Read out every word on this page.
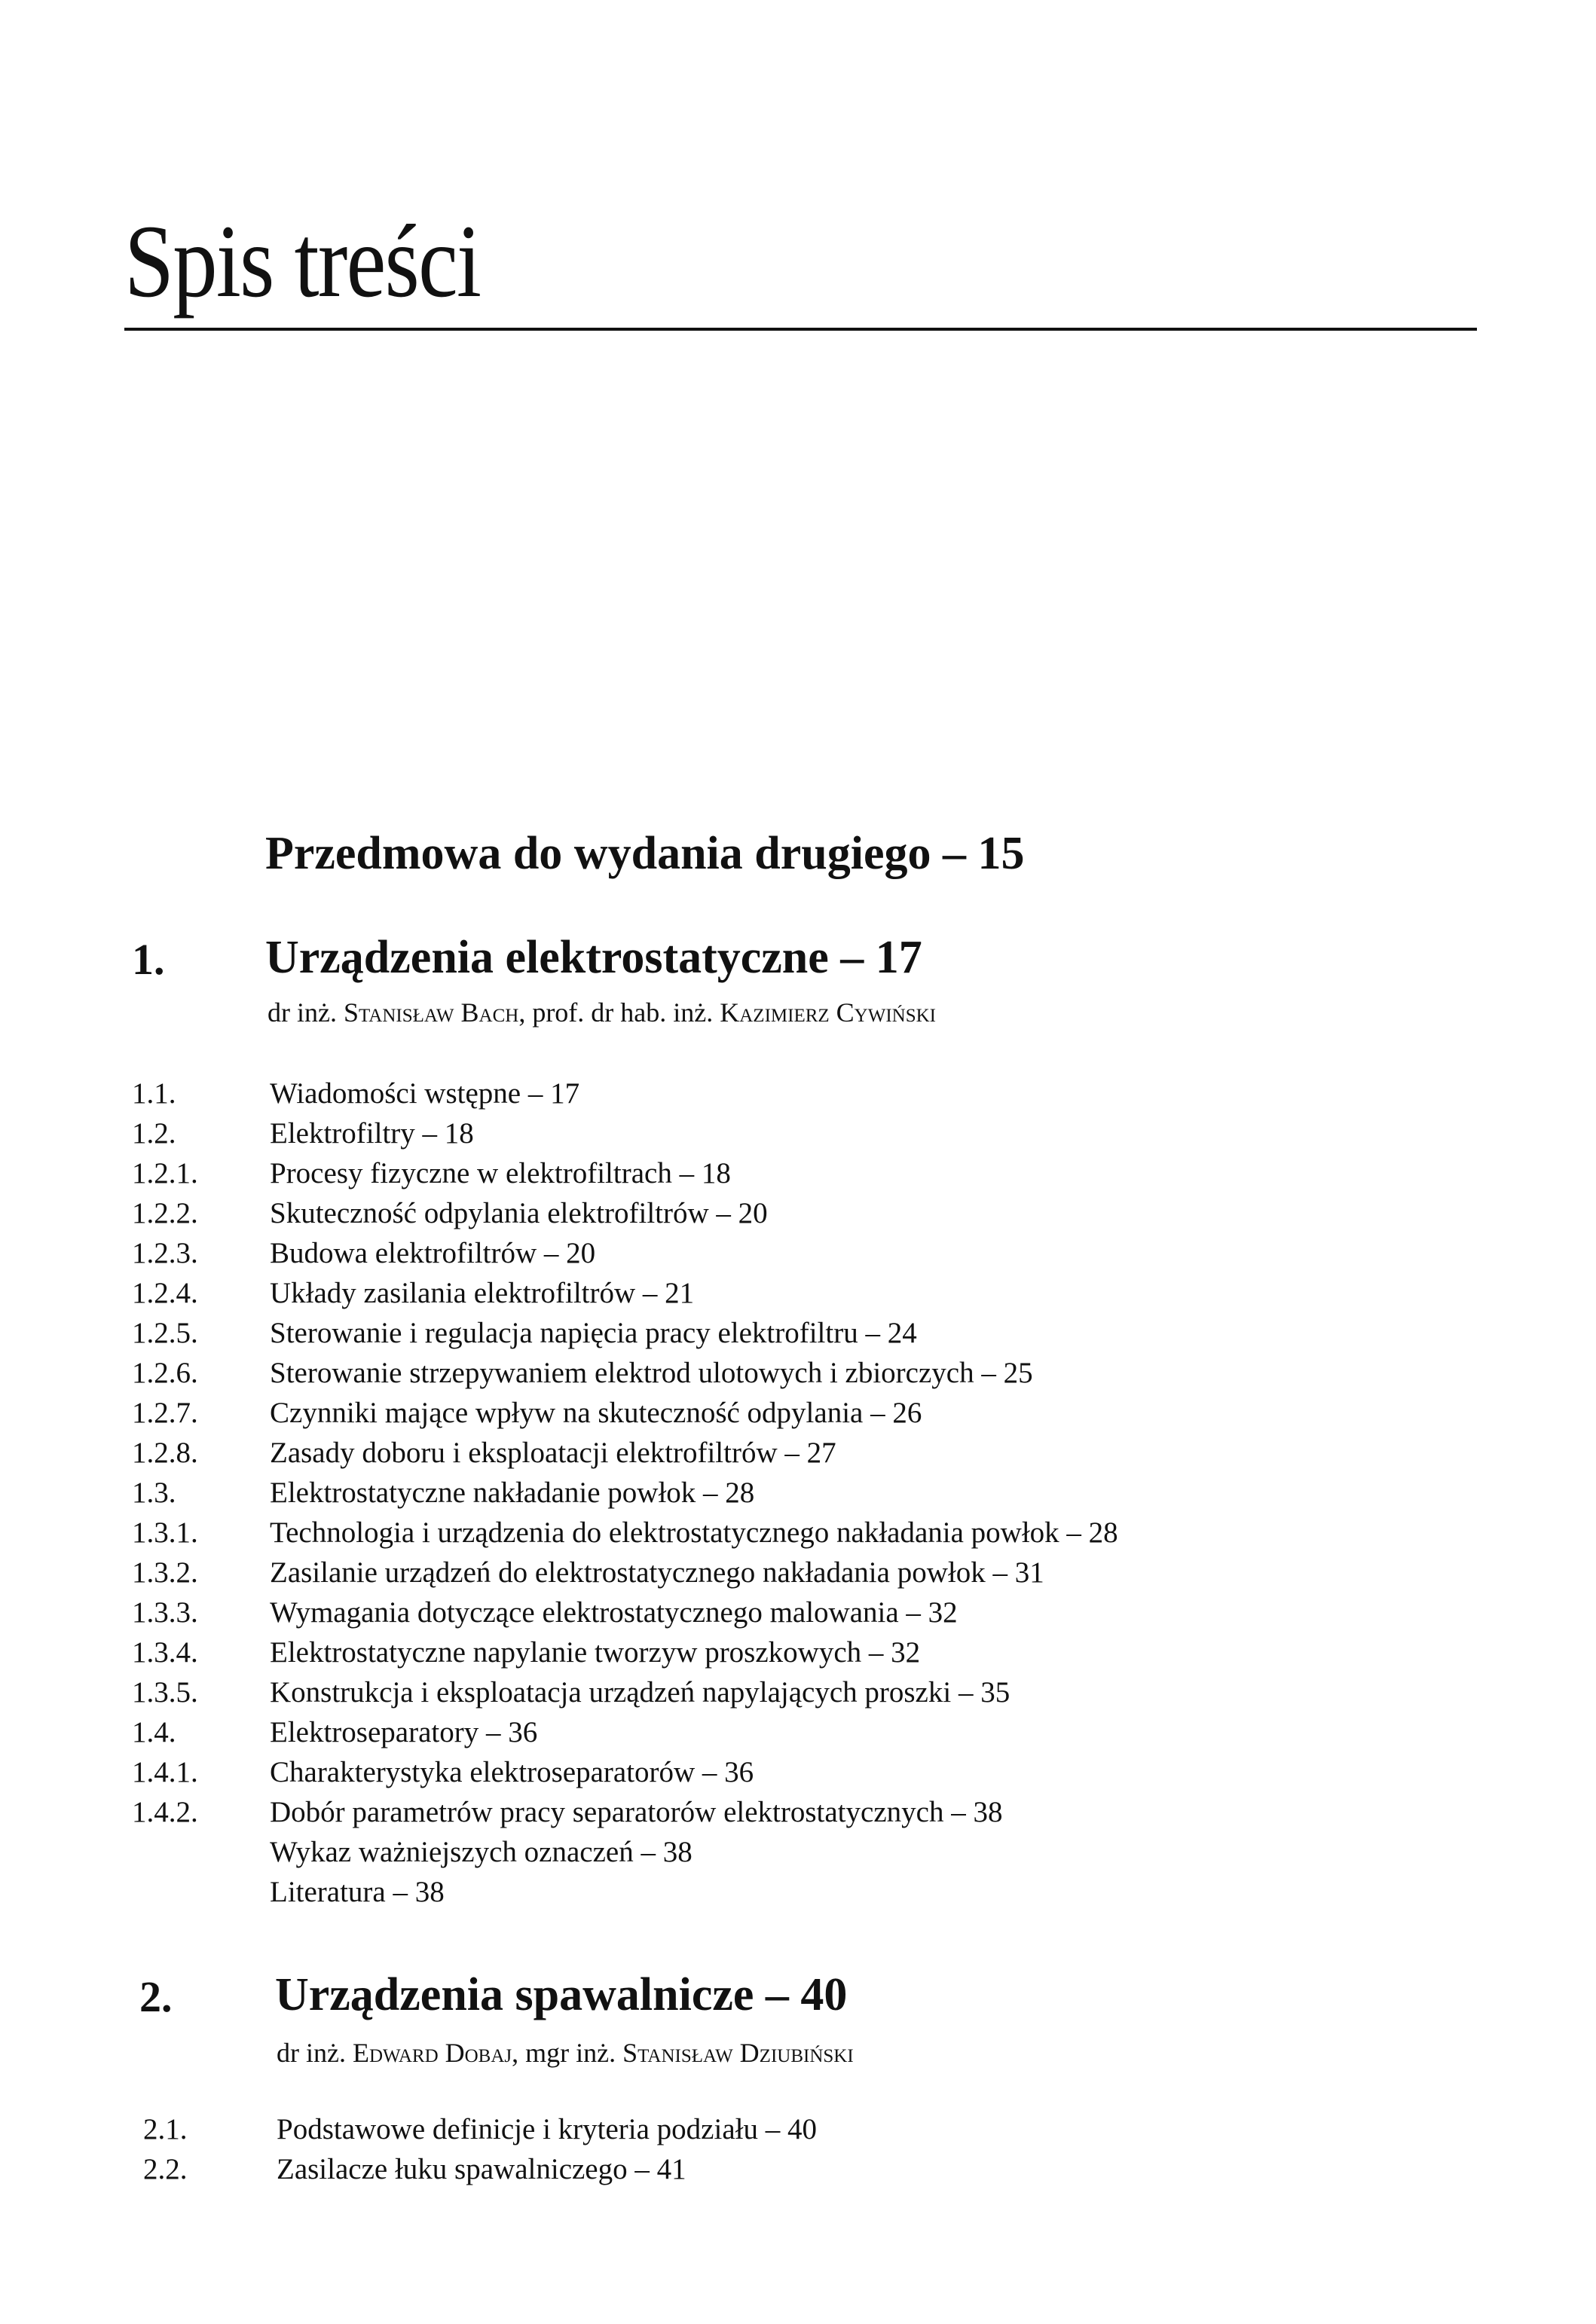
Spis treści
Przedmowa do wydania drugiego – 15
1. Urządzenia elektrostatyczne – 17
dr inż. Stanisław Bach, prof. dr hab. inż. Kazimierz Cywiński
1.1.	Wiadomości wstępne – 17
1.2.	Elektrofiltry – 18
1.2.1. Procesy fizyczne w elektrofiltrach – 18
1.2.2. Skuteczność odpylania elektrofiltrów – 20
1.2.3. Budowa elektrofiltrów – 20
1.2.4. Układy zasilania elektrofiltrów – 21
1.2.5. Sterowanie i regulacja napięcia pracy elektrofiltru – 24
1.2.6. Sterowanie strzepywaniem elektrod ulotowych i zbiorczych – 25
1.2.7. Czynniki mające wpływ na skuteczność odpylania – 26
1.2.8. Zasady doboru i eksploatacji elektrofiltrów – 27
1.3.	Elektrostatyczne nakładanie powłok – 28
1.3.1. Technologia i urządzenia do elektrostatycznego nakładania powłok – 28
1.3.2. Zasilanie urządzeń do elektrostatycznego nakładania powłok – 31
1.3.3. Wymagania dotyczące elektrostatycznego malowania – 32
1.3.4. Elektrostatyczne napylanie tworzyw proszkowych – 32
1.3.5. Konstrukcja i eksploatacja urządzeń napylających proszki – 35
1.4.	Elektroseparatory – 36
1.4.1. Charakterystyka elektroseparatorów – 36
1.4.2. Dobór parametrów pracy separatorów elektrostatycznych – 38
Wykaz ważniejszych oznaczeń – 38
Literatura – 38
2. Urządzenia spawalnicze – 40
dr inż. Edward Dobaj, mgr inż. Stanisław Dziubiński
2.1.	Podstawowe definicje i kryteria podziału – 40
2.2.	Zasilacze łuku spawalniczego – 41
